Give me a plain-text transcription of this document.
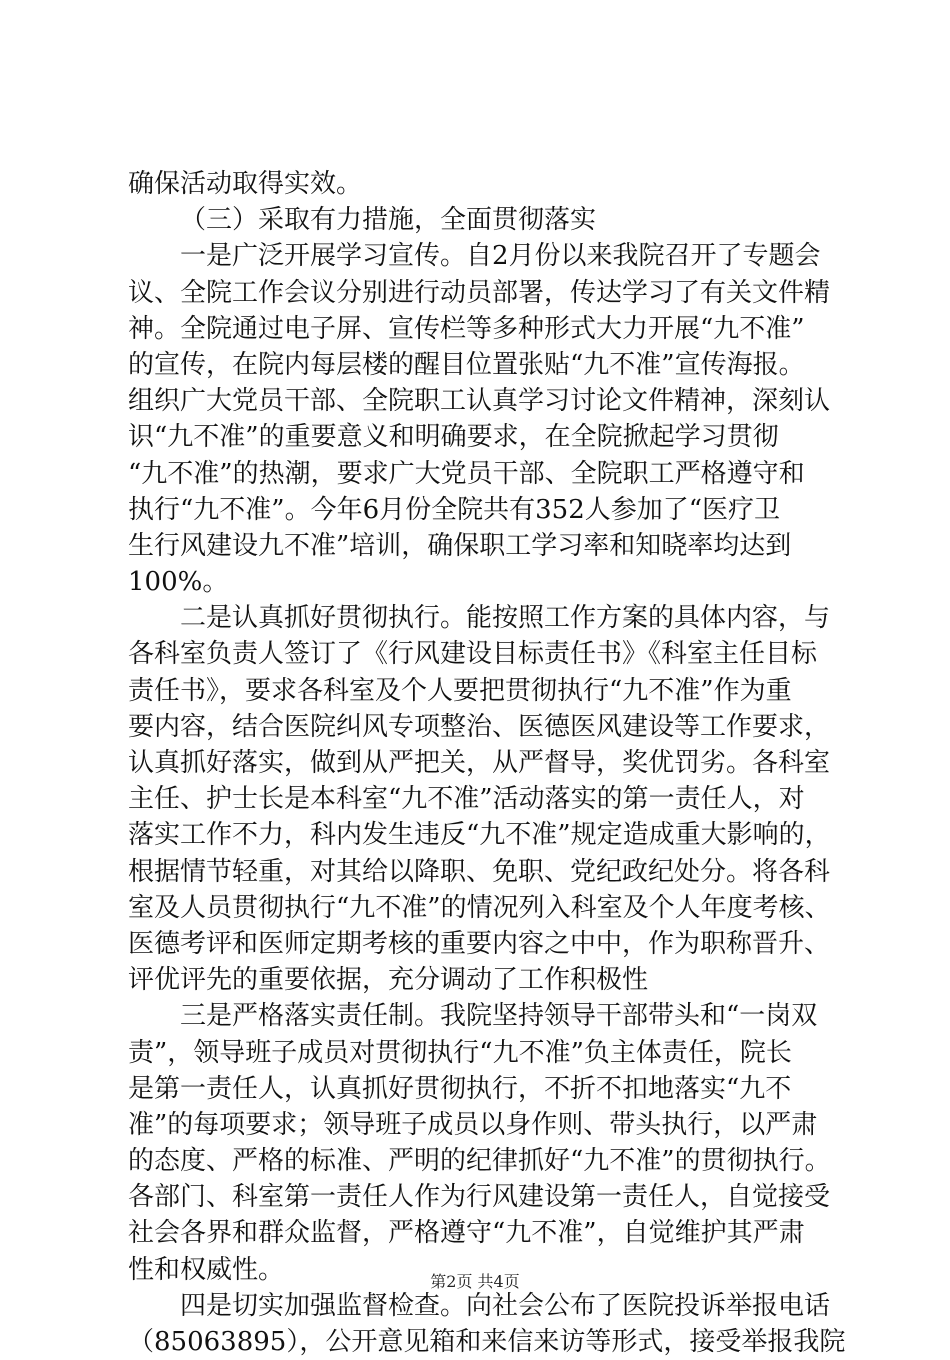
确保活动取得实效。
（三）采取有力措施，全面贯彻落实
一是广泛开展学习宣传。自2月份以来我院召开了专题会
议、全院工作会议分别进行动员部署，传达学习了有关文件精
神。全院通过电子屏、宣传栏等多种形式大力开展“九不准”
的宣传，在院内每层楼的醒目位置张贴“九不准”宣传海报。
组织广大党员干部、全院职工认真学习讨论文件精神，深刻认
识“九不准”的重要意义和明确要求，在全院掀起学习贯彻
“九不准”的热潮，要求广大党员干部、全院职工严格遵守和
执行“九不准”。今年6月份全院共有352人参加了“医疗卫
生行风建设九不准”培训，确保职工学习率和知晓率均达到
100%。
二是认真抓好贯彻执行。能按照工作方案的具体内容，与
各科室负责人签订了《行风建设目标责任书》《科室主任目标
责任书》，要求各科室及个人要把贯彻执行“九不准”作为重
要内容，结合医院纠风专项整治、医德医风建设等工作要求，
认真抓好落实，做到从严把关，从严督导，奖优罚劣。各科室
主任、护士长是本科室“九不准”活动落实的第一责任人，对
落实工作不力，科内发生违反“九不准”规定造成重大影响的，
根据情节轻重，对其给以降职、免职、党纪政纪处分。将各科
室及人员贯彻执行“九不准”的情况列入科室及个人年度考核、
医德考评和医师定期考核的重要内容之中中，作为职称晋升、
评优评先的重要依据，充分调动了工作积极性
三是严格落实责任制。我院坚持领导干部带头和“一岗双
责”，领导班子成员对贯彻执行“九不准”负主体责任，院长
是第一责任人，认真抓好贯彻执行，不折不扣地落实“九不
准”的每项要求；领导班子成员以身作则、带头执行，以严肃
的态度、严格的标准、严明的纪律抓好“九不准”的贯彻执行。
各部门、科室第一责任人作为行风建设第一责任人，自觉接受
社会各界和群众监督，严格遵守“九不准”，自觉维护其严肃
性和权威性。
四是切实加强监督检查。向社会公布了医院投诉举报电话
（85063895），公开意见箱和来信来访等形式，接受举报我院
第2页 共4页
